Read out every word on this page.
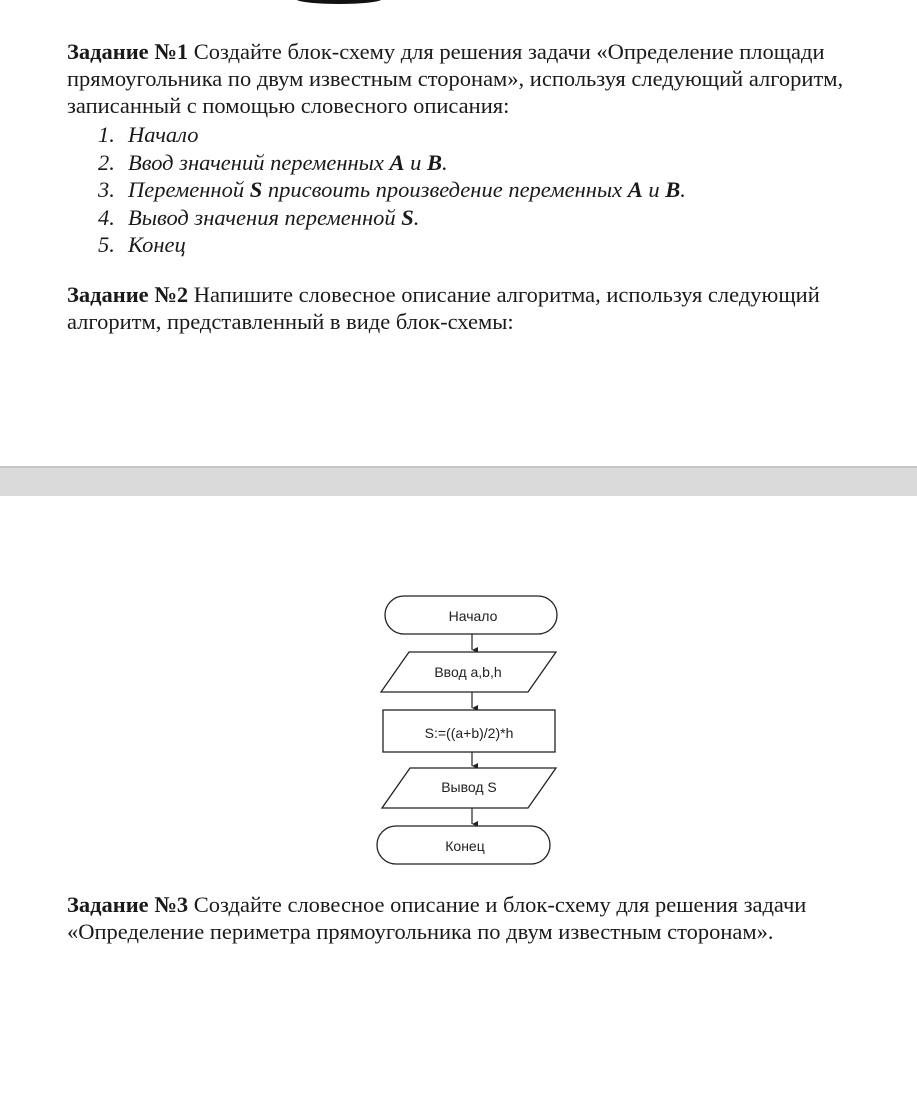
Задание №1 Создайте блок-схему для решения задачи «Определение площади прямоугольника по двум известным сторонам», используя следующий алгоритм, записанный с помощью словесного описания:

1. Начало
2. Ввод значений переменных A и B.
3. Переменной S присвоить произведение переменных A и B.
4. Вывод значения переменной S.
5. Конец

Задание №2 Напишите словесное описание алгоритма, используя следующий алгоритм, представленный в виде блок-схемы:

Начало
Ввод a,b,h
S:=((a+b)/2)*h
Вывод S
Конец

Задание №3 Создайте словесное описание и блок-схему для решения задачи «Определение периметра прямоугольника по двум известным сторонам».
